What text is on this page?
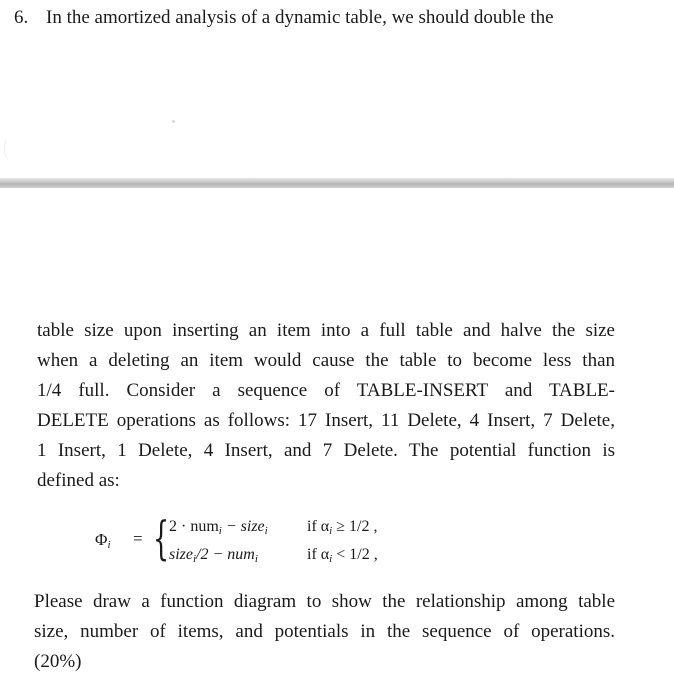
6. In the amortized analysis of a dynamic table, we should double the
table size upon inserting an item into a full table and halve the size
when a deleting an item would cause the table to become less than
1/4 full. Consider a sequence of TABLE-INSERT and TABLE-
DELETE operations as follows: 17 Insert, 11 Delete, 4 Insert, 7 Delete,
1 Insert, 1 Delete, 4 Insert, and 7 Delete. The potential function is
defined as:
$\Phi_i$ = { 2 · num$_i$ − size$_i$ if $\alpha_i \ge 1/2$ ,
size$_i$/2 − num$_i$	if $\alpha_i < 1/2$ ,
Please draw a function diagram to show the relationship among table
size, number of items, and potentials in the sequence of operations.
(20%)
